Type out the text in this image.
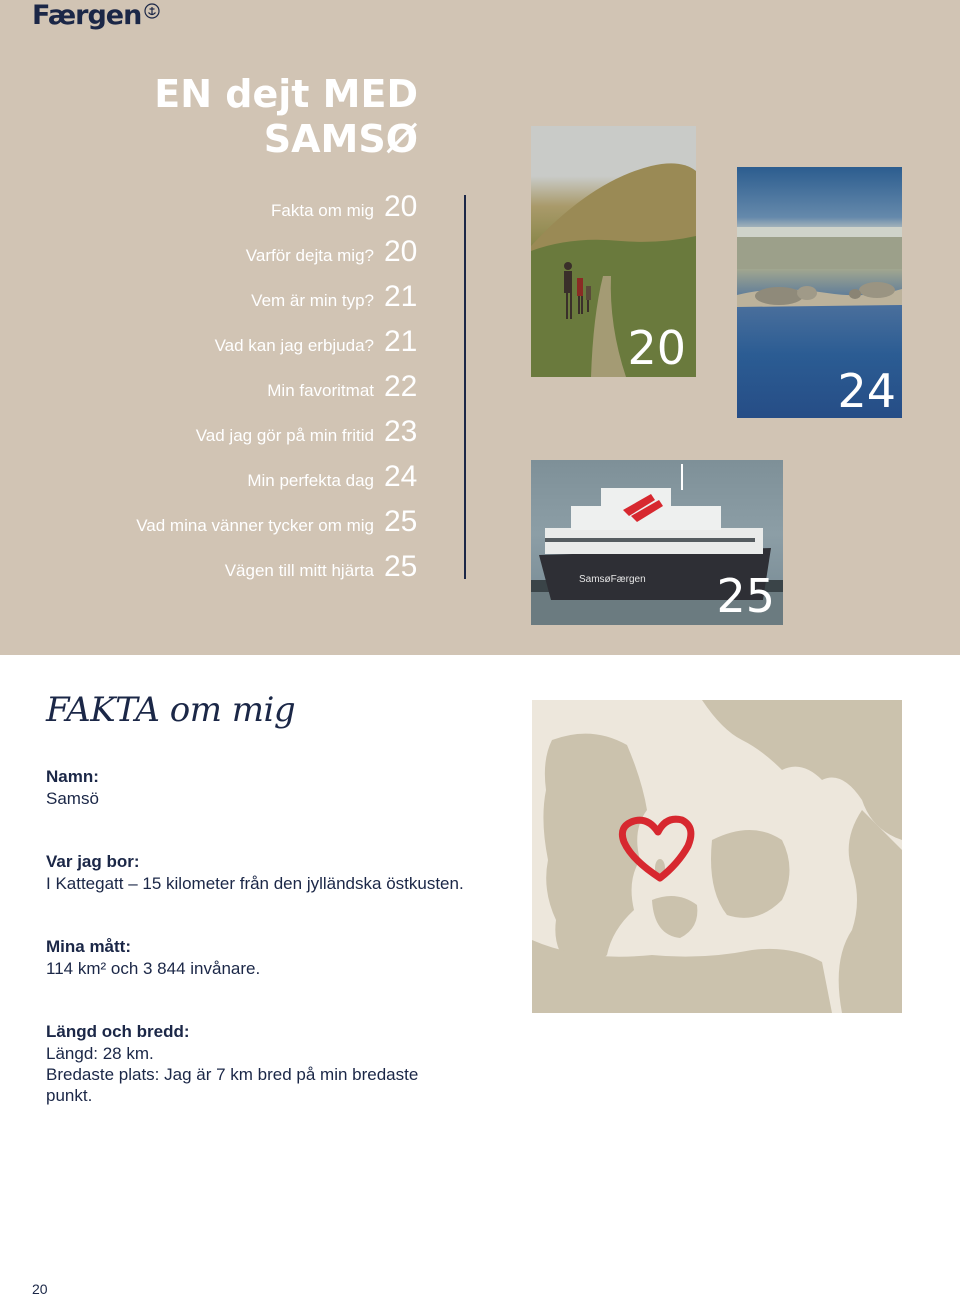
Færgen
EN dejt MED
SAMSØ
Fakta om mig 20
Varför dejta mig? 20
Vem är min typ? 21
Vad kan jag erbjuda? 21
Min favoritmat 22
Vad jag gör på min fritid 23
Min perfekta dag 24
Vad mina vänner tycker om mig 25
Vägen till mitt hjärta 25
20
24
SamsøFærgen 25
FAKTA om mig
Namn:
Samsö
Var jag bor:
I Kattegatt – 15 kilometer från den jylländska östkusten.
Mina mått:
114 km² och 3 844 invånare.
Längd och bredd:
Längd: 28 km.
Bredaste plats: Jag är 7 km bred på min bredaste
punkt.
20
